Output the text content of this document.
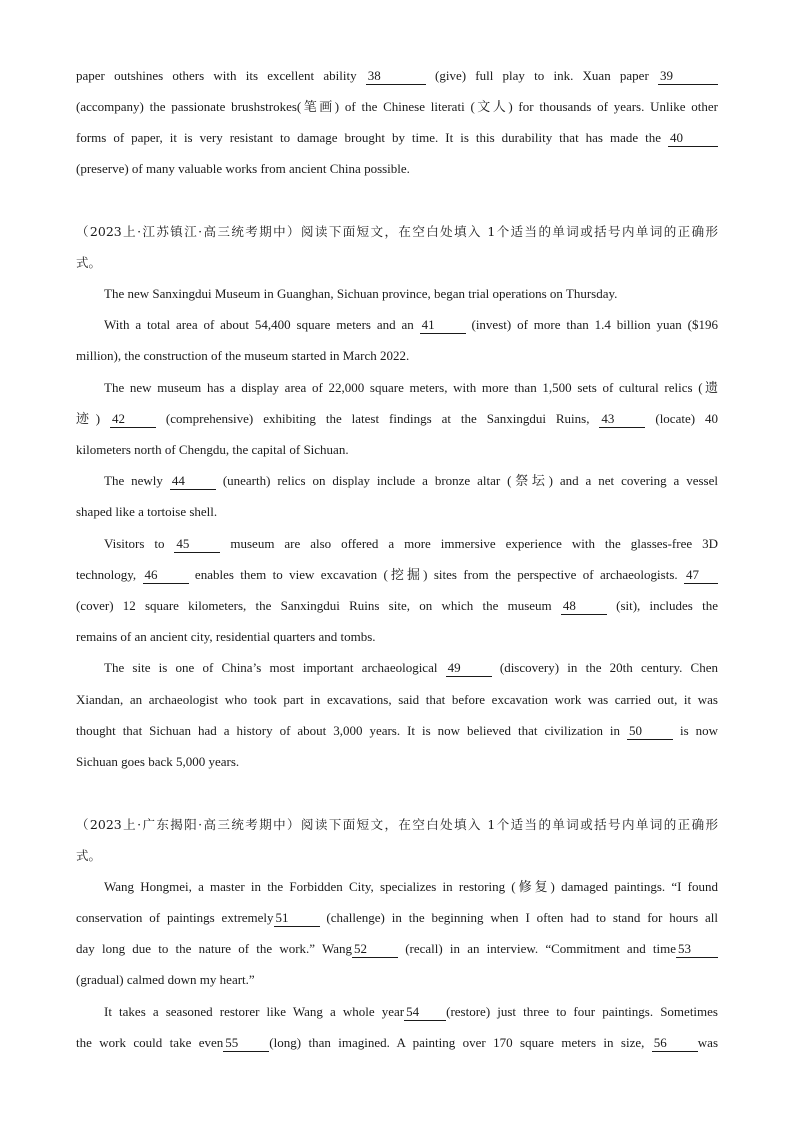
paper outshines others with its excellent ability 38	(give) full play to ink. Xuan paper 39
(accompany) the passionate brushstrokes(笔画) of the Chinese literati (文人) for thousands of years. Unlike other
forms of paper, it is very resistant to damage brought by time. It is this durability that has made the 40
(preserve) of many valuable works from ancient China possible.
（2023上·江苏镇江·高三统考期中）阅读下面短文，在空白处填入 1个适当的单词或括号内单词的正确形
式。
The new Sanxingdui Museum in Guanghan, Sichuan province, began trial operations on Thursday.
With a total area of about 54,400 square meters and an 41 (invest) of more than 1.4 billion yuan ($196
million), the construction of the museum started in March 2022.
The new museum has a display area of 22,000 square meters, with more than 1,500 sets of cultural relics (遗
迹) 42 (comprehensive) exhibiting the latest findings at the Sanxingdui Ruins, 43 (locate) 40
kilometers north of Chengdu, the capital of Sichuan.
The newly 44 (unearth) relics on display include a bronze altar (祭坛) and a net covering a vessel
shaped like a tortoise shell.
Visitors to 45 museum are also offered a more immersive experience with the glasses-free 3D
technology, 46 enables them to view excavation (挖掘) sites from the perspective of archaeologists. 47
(cover) 12 square kilometers, the Sanxingdui Ruins site, on which the museum 48 (sit), includes the
remains of an ancient city, residential quarters and tombs.
The site is one of China’s most important archaeological 49 (discovery) in the 20th century. Chen
Xiandan, an archaeologist who took part in excavations, said that before excavation work was carried out, it was
thought that Sichuan had a history of about 3,000 years. It is now believed that civilization in 50 is now
Sichuan goes back 5,000 years.
（2023上·广东揭阳·高三统考期中）阅读下面短文，在空白处填入 1个适当的单词或括号内单词的正确形
式。
Wang Hongmei, a master in the Forbidden City, specializes in restoring (修复) damaged paintings. “I found
conservation of paintings extremely 51 (challenge) in the beginning when I often had to stand for hours all
day long due to the nature of the work.” Wang 52 (recall) in an interview. “Commitment and time 53
(gradual) calmed down my heart.”
It takes a seasoned restorer like Wang a whole year 54 (restore) just three to four paintings. Sometimes
the work could take even 55 (long) than imagined. A painting over 170 square meters in size, 56 was
